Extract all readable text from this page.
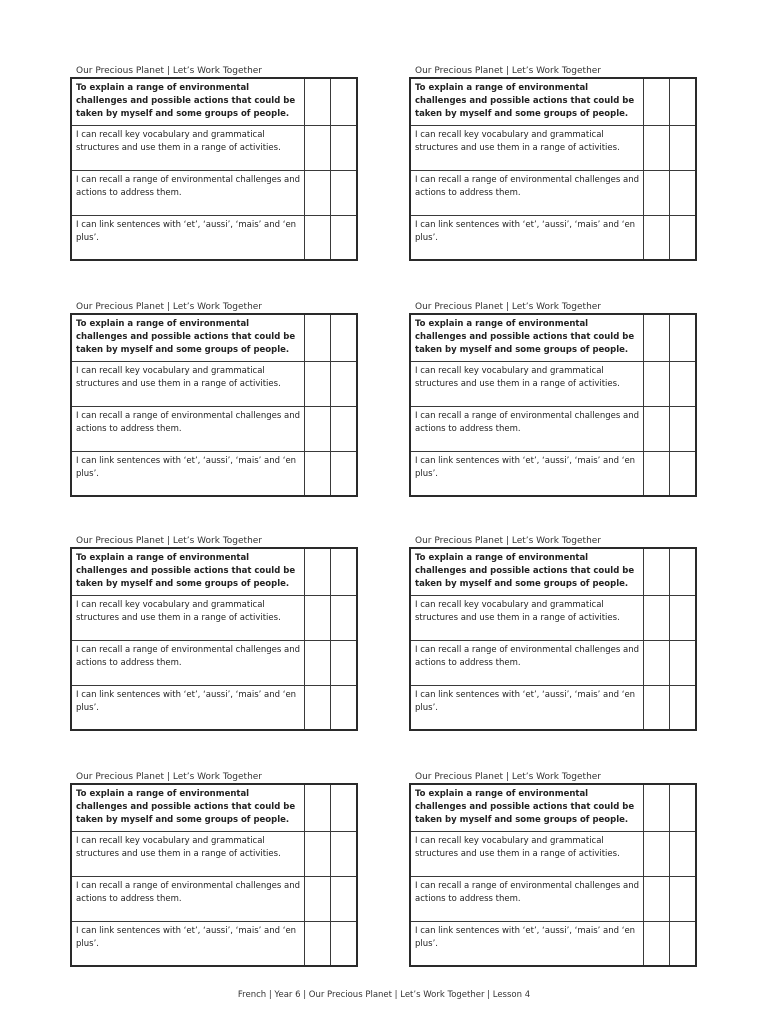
Our Precious Planet | Let’s Work Together
To explain a range of environmental challenges and possible actions that could be taken by myself and some groups of people.
I can recall key vocabulary and grammatical structures and use them in a range of activities.
I can recall a range of environmental challenges and actions to address them.
I can link sentences with ‘et’, ‘aussi’, ‘mais’ and ‘en plus’.
Our Precious Planet | Let’s Work Together
To explain a range of environmental challenges and possible actions that could be taken by myself and some groups of people.
I can recall key vocabulary and grammatical structures and use them in a range of activities.
I can recall a range of environmental challenges and actions to address them.
I can link sentences with ‘et’, ‘aussi’, ‘mais’ and ‘en plus’.
Our Precious Planet | Let’s Work Together
To explain a range of environmental challenges and possible actions that could be taken by myself and some groups of people.
I can recall key vocabulary and grammatical structures and use them in a range of activities.
I can recall a range of environmental challenges and actions to address them.
I can link sentences with ‘et’, ‘aussi’, ‘mais’ and ‘en plus’.
Our Precious Planet | Let’s Work Together
To explain a range of environmental challenges and possible actions that could be taken by myself and some groups of people.
I can recall key vocabulary and grammatical structures and use them in a range of activities.
I can recall a range of environmental challenges and actions to address them.
I can link sentences with ‘et’, ‘aussi’, ‘mais’ and ‘en plus’.
Our Precious Planet | Let’s Work Together
To explain a range of environmental challenges and possible actions that could be taken by myself and some groups of people.
I can recall key vocabulary and grammatical structures and use them in a range of activities.
I can recall a range of environmental challenges and actions to address them.
I can link sentences with ‘et’, ‘aussi’, ‘mais’ and ‘en plus’.
Our Precious Planet | Let’s Work Together
To explain a range of environmental challenges and possible actions that could be taken by myself and some groups of people.
I can recall key vocabulary and grammatical structures and use them in a range of activities.
I can recall a range of environmental challenges and actions to address them.
I can link sentences with ‘et’, ‘aussi’, ‘mais’ and ‘en plus’.
Our Precious Planet | Let’s Work Together
To explain a range of environmental challenges and possible actions that could be taken by myself and some groups of people.
I can recall key vocabulary and grammatical structures and use them in a range of activities.
I can recall a range of environmental challenges and actions to address them.
I can link sentences with ‘et’, ‘aussi’, ‘mais’ and ‘en plus’.
Our Precious Planet | Let’s Work Together
To explain a range of environmental challenges and possible actions that could be taken by myself and some groups of people.
I can recall key vocabulary and grammatical structures and use them in a range of activities.
I can recall a range of environmental challenges and actions to address them.
I can link sentences with ‘et’, ‘aussi’, ‘mais’ and ‘en plus’.
French | Year 6 | Our Precious Planet | Let’s Work Together | Lesson 4
